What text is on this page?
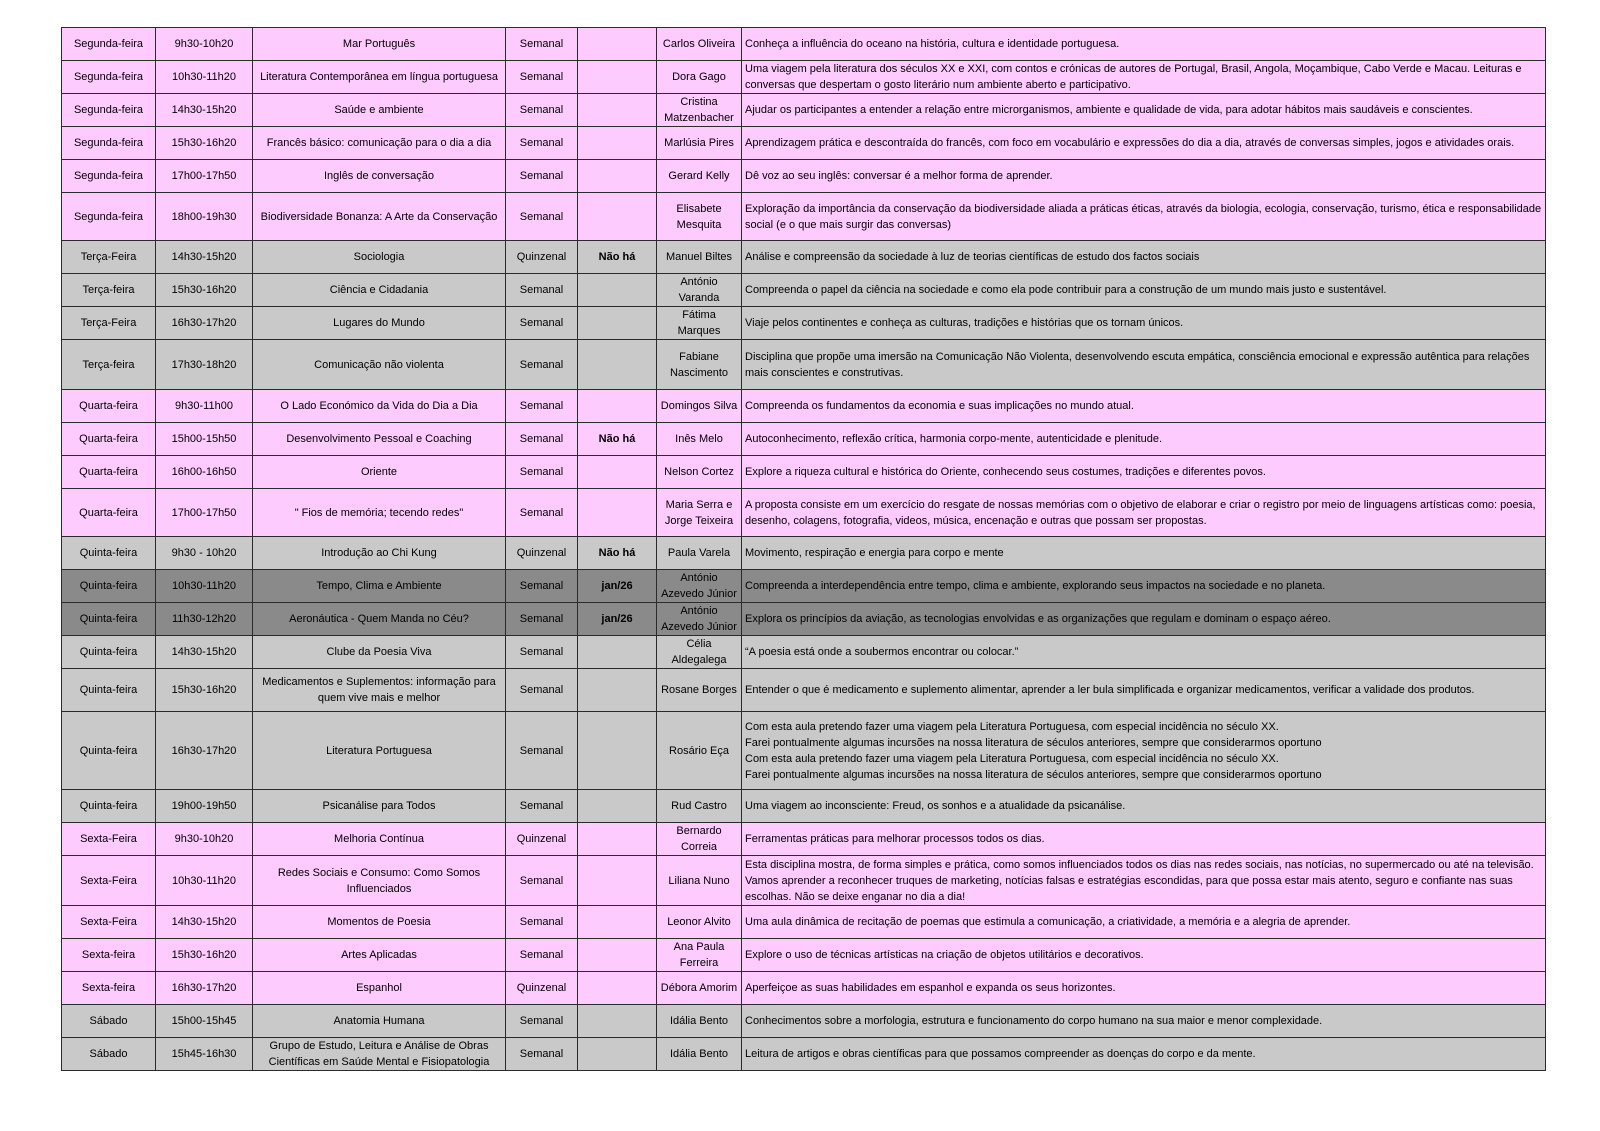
Segunda-feira	9h30-10h20	Mar Português	Semanal		Carlos Oliveira	Conheça a influência do oceano na história, cultura e identidade portuguesa.
Segunda-feira	10h30-11h20	Literatura Contemporânea em língua portuguesa	Semanal		Dora Gago	Uma viagem pela literatura dos séculos XX e XXI, com contos e crónicas de autores de Portugal, Brasil, Angola, Moçambique, Cabo Verde e Macau. Leituras e conversas que despertam o gosto literário num ambiente aberto e participativo.
Segunda-feira	14h30-15h20	Saúde e ambiente	Semanal		Cristina Matzenbacher	Ajudar os participantes a entender a relação entre microrganismos, ambiente e qualidade de vida, para adotar hábitos mais saudáveis e conscientes.
Segunda-feira	15h30-16h20	Francês básico: comunicação para o dia a dia	Semanal		Marlúsia Pires	Aprendizagem prática e descontraída do francês, com foco em vocabulário e expressões do dia a dia, através de conversas simples, jogos e atividades orais.
Segunda-feira	17h00-17h50	Inglês de conversação	Semanal		Gerard Kelly	Dê voz ao seu inglês: conversar é a melhor forma de aprender.
Segunda-feira	18h00-19h30	Biodiversidade Bonanza: A Arte da Conservação	Semanal		Elisabete Mesquita	Exploração da importância da conservação da biodiversidade aliada a práticas éticas, através da biologia, ecologia, conservação, turismo, ética e responsabilidade social (e o que mais surgir das conversas)
Terça-Feira	14h30-15h20	Sociologia	Quinzenal	Não há	Manuel Biltes	Análise e compreensão da sociedade à luz de teorias científicas de estudo dos factos sociais
Terça-feira	15h30-16h20	Ciência e Cidadania	Semanal		António Varanda	Compreenda o papel da ciência na sociedade e como ela pode contribuir para a construção de um mundo mais justo e sustentável.
Terça-Feira	16h30-17h20	Lugares do Mundo	Semanal		Fátima Marques	Viaje pelos continentes e conheça as culturas, tradições e histórias que os tornam únicos.
Terça-feira	17h30-18h20	Comunicação não violenta	Semanal		Fabiane Nascimento	Disciplina que propõe uma imersão na Comunicação Não Violenta, desenvolvendo escuta empática, consciência emocional e expressão autêntica para relações mais conscientes e construtivas.
Quarta-feira	9h30-11h00	O Lado Económico da Vida do Dia a Dia	Semanal		Domingos Silva	Compreenda os fundamentos da economia e suas implicações no mundo atual.
Quarta-feira	15h00-15h50	Desenvolvimento Pessoal e Coaching	Semanal	Não há	Inês Melo	Autoconhecimento, reflexão crítica, harmonia corpo-mente, autenticidade e plenitude.
Quarta-feira	16h00-16h50	Oriente	Semanal		Nelson Cortez	Explore a riqueza cultural e histórica do Oriente, conhecendo seus costumes, tradições e diferentes povos.
Quarta-feira	17h00-17h50	" Fios de memória; tecendo redes"	Semanal		Maria Serra e Jorge Teixeira	A proposta consiste em um exercício do resgate de nossas memórias com o objetivo de elaborar e criar o registro por meio de linguagens artísticas como: poesia, desenho, colagens, fotografia, videos, música, encenação e outras que possam ser propostas.
Quinta-feira	9h30 - 10h20	Introdução ao Chi Kung	Quinzenal	Não há	Paula Varela	Movimento, respiração e energia para corpo e mente
Quinta-feira	10h30-11h20	Tempo, Clima e Ambiente	Semanal	jan/26	António Azevedo Júnior	Compreenda a interdependência entre tempo, clima e ambiente, explorando seus impactos na sociedade e no planeta.
Quinta-feira	11h30-12h20	Aeronáutica - Quem Manda no Céu?	Semanal	jan/26	António Azevedo Júnior	Explora os princípios da aviação, as tecnologias envolvidas e as organizações que regulam e dominam o espaço aéreo.
Quinta-feira	14h30-15h20	Clube da Poesia Viva	Semanal		Célia Aldegalega	“A poesia está onde a soubermos encontrar ou colocar.”
Quinta-feira	15h30-16h20	Medicamentos e Suplementos: informação para quem vive mais e melhor	Semanal		Rosane Borges	Entender o que é medicamento e suplemento alimentar, aprender a ler bula simplificada e organizar medicamentos, verificar a validade dos produtos.
Quinta-feira	16h30-17h20	Literatura Portuguesa	Semanal		Rosário Eça	Com esta aula pretendo fazer uma viagem pela Literatura Portuguesa, com especial incidência no século XX.
Farei pontualmente algumas incursões na nossa literatura de séculos anteriores, sempre que considerarmos oportuno
Com esta aula pretendo fazer uma viagem pela Literatura Portuguesa, com especial incidência no século XX.
Farei pontualmente algumas incursões na nossa literatura de séculos anteriores, sempre que considerarmos oportuno
Quinta-feira	19h00-19h50	Psicanálise para Todos	Semanal		Rud Castro	Uma viagem ao inconsciente: Freud, os sonhos e a atualidade da psicanálise.
Sexta-Feira	9h30-10h20	Melhoria Contínua	Quinzenal		Bernardo Correia	Ferramentas práticas para melhorar processos todos os dias.
Sexta-Feira	10h30-11h20	Redes Sociais e Consumo: Como Somos Influenciados	Semanal		Liliana Nuno	Esta disciplina mostra, de forma simples e prática, como somos influenciados todos os dias nas redes sociais, nas notícias, no supermercado ou até na televisão. Vamos aprender a reconhecer truques de marketing, notícias falsas e estratégias escondidas, para que possa estar mais atento, seguro e confiante nas suas escolhas. Não se deixe enganar no dia a dia!
Sexta-Feira	14h30-15h20	Momentos de Poesia	Semanal		Leonor Alvito	Uma aula dinâmica de recitação de poemas que estimula a comunicação, a criatividade, a memória e a alegria de aprender.
Sexta-feira	15h30-16h20	Artes Aplicadas	Semanal		Ana Paula Ferreira	Explore o uso de técnicas artísticas na criação de objetos utilitários e decorativos.
Sexta-feira	16h30-17h20	Espanhol	Quinzenal		Débora Amorim	Aperfeiçoe as suas habilidades em espanhol e expanda os seus horizontes.
Sábado	15h00-15h45	Anatomia Humana	Semanal		Idália Bento	Conhecimentos sobre a morfologia, estrutura e funcionamento do corpo humano na sua maior e menor complexidade.
Sábado	15h45-16h30	Grupo de Estudo, Leitura e Análise de Obras Científicas em Saúde Mental e Fisiopatologia	Semanal		Idália Bento	Leitura de artigos e obras científicas para que possamos compreender as doenças do corpo e da mente.
